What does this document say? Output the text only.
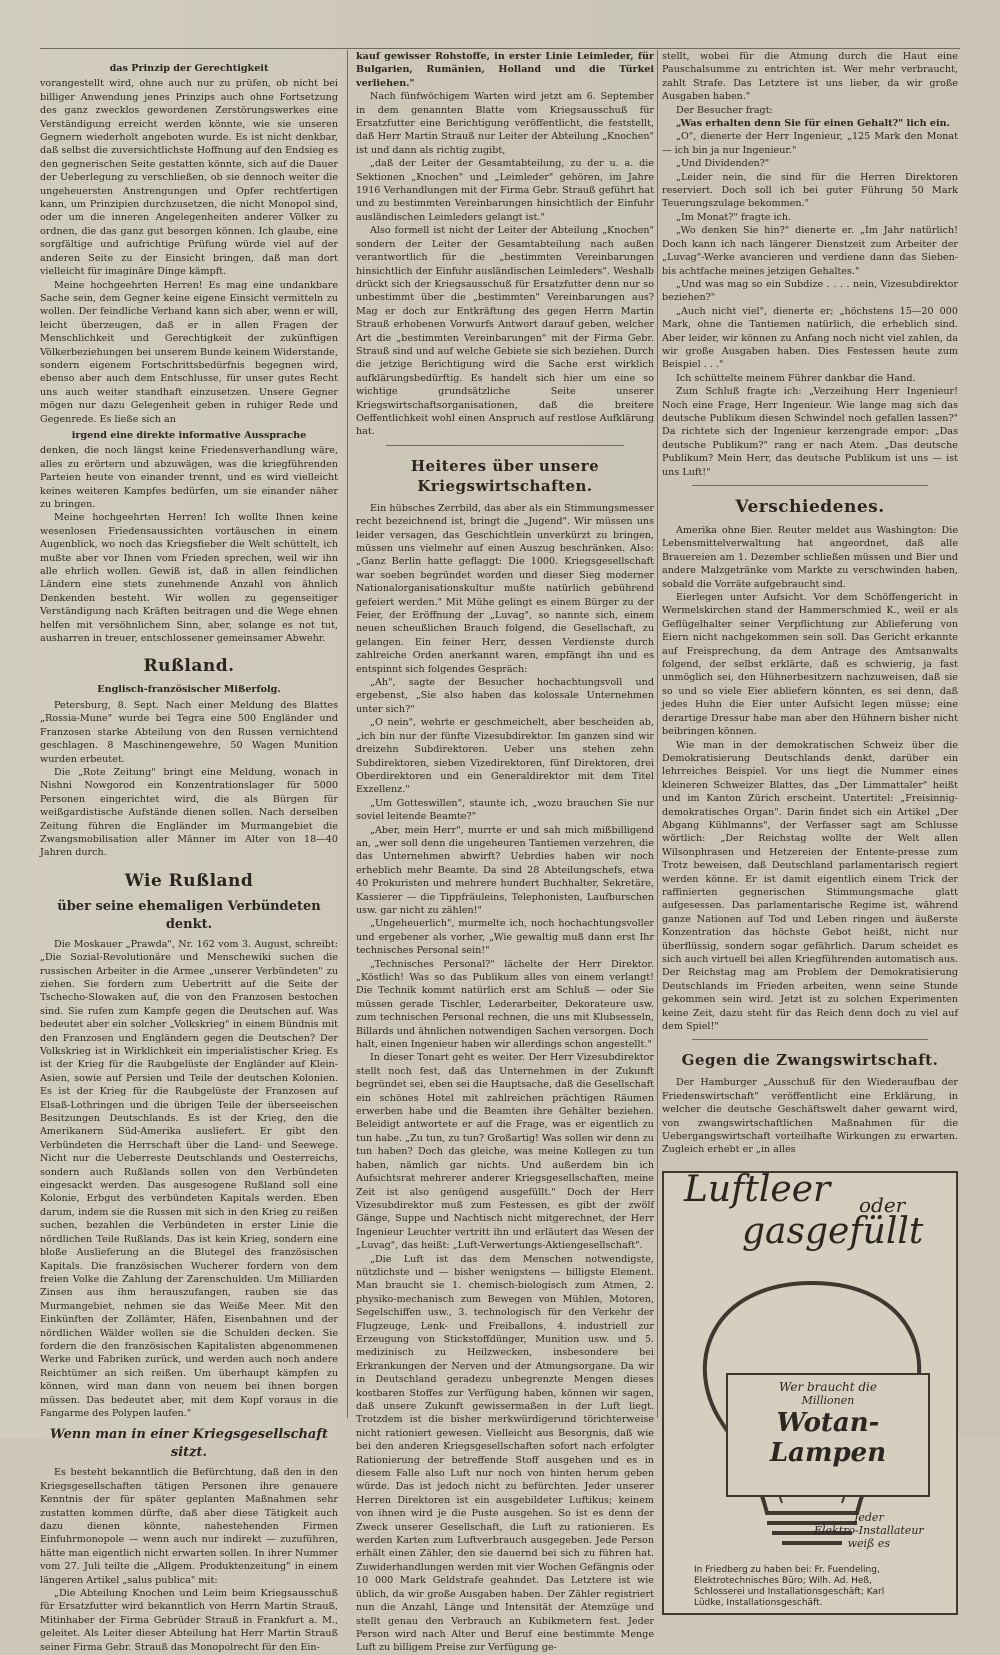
das Prinzip der Gerechtigkeit

vorangestellt wird, ohne auch nur zu prüfen, ob nicht bei billiger Anwendung jenes Prinzips auch ohne Fortsetzung des ganz zwecklos gewordenen Zerstörungswerkes eine Verständigung erreicht werden könnte, wie sie unseren Gegnern wiederholt angeboten wurde. Es ist nicht denkbar, daß selbst die zuversichtlichste Hoffnung auf den Endsieg es den gegnerischen Seite gestatten könnte, sich auf die Dauer der Ueberlegung zu verschließen, ob sie dennoch weiter die ungeheuersten Anstrengungen und Opfer rechtfertigen kann, um Prinzipien durchzusetzen, die nicht Monopol sind, oder um die inneren Angelegenheiten anderer Völker zu ordnen, die das ganz gut besorgen können. Ich glaube, eine sorgfältige und aufrichtige Prüfung würde viel auf der anderen Seite zu der Einsicht bringen, daß man dort vielleicht für imaginäre Dinge kämpft.

Meine hochgeehrten Herren! Es mag eine undankbare Sache sein, dem Gegner keine eigene Einsicht vermitteln zu wollen. Der feindliche Verband kann sich aber, wenn er will, leicht überzeugen, daß er in allen Fragen der Menschlichkeit und Gerechtigkeit der zukünftigen Völkerbeziehungen bei unserem Bunde keinem Widerstande, sondern eigenem Fortschrittsbedürfnis begegnen wird, ebenso aber auch dem Entschlusse, für unser gutes Recht uns auch weiter standhaft einzusetzen. Unsere Gegner mögen nur dazu Gelegenheit geben in ruhiger Rede und Gegenrede. Es ließe sich an

irgend eine direkte informative Aussprache

denken, die noch längst keine Friedensverhandlung wäre, alles zu erörtern und abzuwägen, was die kriegführenden Parteien heute von einander trennt, und es wird vielleicht keines weiteren Kampfes bedürfen, um sie einander näher zu bringen.

Meine hochgeehrten Herren! Ich wollte Ihnen keine wesenlosen Friedensaussichten vortäuschen in einem Augenblick, wo noch das Kriegsfieber die Welt schüttelt, ich mußte aber vor Ihnen vom Frieden sprechen, weil wir ihn alle ehrlich wollen. Gewiß ist, daß in allen feindlichen Ländern eine stets zunehmende Anzahl von ähnlich Denkenden besteht. Wir wollen zu gegenseitiger Verständigung nach Kräften beitragen und die Wege ehnen helfen mit versöhnlichem Sinn, aber, solange es not tut, ausharren in treuer, entschlossener gemeinsamer Abwehr.

Rußland.
Englisch-französischer Mißerfolg.

Petersburg, 8. Sept. Nach einer Meldung des Blattes „Rossia-Mune" wurde bei Tegra eine 500 Engländer und Franzosen starke Abteilung von den Russen vernichtend geschlagen. 8 Maschinengewehre, 50 Wagen Munition wurden erbeutet.

Die „Rote Zeitung" bringt eine Meldung, wonach in Nishni Nowgorod ein Konzentrationslager für 5000 Personen eingerichtet wird, die als Bürgen für weißgardistische Aufstände dienen sollen. Nach derselben Zeitung führen die Engländer im Murmangebiet die Zwangsmobilisation aller Männer im Alter von 18—40 Jahren durch.

Wie Rußland
über seine ehemaligen Verbündeten denkt.

Die Moskauer „Prawda", Nr. 162 vom 3. August, schreibt: „Die Sozial-Revolutionäre und Menschewiki suchen die russischen Arbeiter in die Armee „unserer Verbündeten" zu ziehen. Sie fordern zum Uebertritt auf die Seite der Tschecho-Slowaken auf, die von den Franzosen bestochen sind. Sie rufen zum Kampfe gegen die Deutschen auf. Was bedeutet aber ein solcher „Volkskrieg" in einem Bündnis mit den Franzosen und Engländern gegen die Deutschen? Der Volkskrieg ist in Wirklichkeit ein imperialistischer Krieg. Es ist der Krieg für die Raubgelüste der Engländer auf Klein-Asien, sowie auf Persien und Teile der deutschen Kolonien. Es ist der Krieg für die Raubgelüste der Franzosen auf Elsaß-Lothringen und die übrigen Teile der überseeischen Besitzungen Deutschlands. Es ist der Krieg, den die Amerikanern Süd-Amerika ausliefert. Er gibt den Verbündeten die Herrschaft über die Land- und Seewege. Nicht nur die Ueberreste Deutschlands und Oesterreichs, sondern auch Rußlands sollen von den Verbündeten eingesackt werden. Das ausgesogene Rußland soll eine Kolonie, Erbgut des verbündeten Kapitals werden. Eben darum, indem sie die Russen mit sich in den Krieg zu reißen suchen, bezahlen die Verbündeten in erster Linie die nördlichen Teile Rußlands. Das ist kein Krieg, sondern eine bloße Auslieferung an die Blutegel des französischen Kapitals. Die französischen Wucherer fordern von dem freien Volke die Zahlung der Zarenschulden. Um Milliarden Zinsen aus ihm herauszufangen, rauben sie das Murmangebiet, nehmen sie das Weiße Meer. Mit den Einkünften der Zollämter, Häfen, Eisenbahnen und der nördlichen Wälder wollen sie die Schulden decken. Sie fordern die den französischen Kapitalisten abgenommenen Werke und Fabriken zurück, und werden auch noch andere Reichtümer an sich reißen. Um überhaupt kämpfen zu können, wird man dann von neuem bei ihnen borgen müssen. Das bedeutet aber, mit dem Kopf voraus in die Fangarme des Polypen laufen."

Wenn man in einer Kriegsgesellschaft sitzt.

Es besteht bekanntlich die Befürchtung, daß den in den Kriegsgesellschaften tätigen Personen ihre genauere Kenntnis der für später geplanten Maßnahmen sehr zustatten kommen dürfte, daß aber diese Tätigkeit auch dazu dienen könnte, nahestehenden Firmen Einfuhrmonopole — wenn auch nur indirekt — zuzuführen, hätte man eigentlich nicht erwarten sollen. In ihrer Nummer vom 27. Juli teilte die „Allgem. Produktenzeitung" in einem längeren Artikel „salus publica" mit:

„Die Abteilung Knochen und Leim beim Kriegsausschuß für Ersatzfutter wird bekanntlich von Herrn Martin Strauß, Mitinhaber der Firma Gebrüder Strauß in Frankfurt a. M., geleitet. Als Leiter dieser Abteilung hat Herr Martin Strauß seiner Firma Gebr. Strauß das Monopolrecht für den Ein-

kauf gewisser Rohstoffe, in erster Linie Leimleder, für Bulgarien, Rumänien, Holland und die Türkei verliehen."

Nach fünfwöchigem Warten wird jetzt am 6. September in dem genannten Blatte vom Kriegsausschuß für Ersatzfutter eine Berichtigung veröffentlicht, die feststellt, daß Herr Martin Strauß nur Leiter der Abteilung „Knochen" ist und dann als richtig zugibt,

„daß der Leiter der Gesamtabteilung, zu der u. a. die Sektionen „Knochen" und „Leimleder" gehören, im Jahre 1916 Verhandlungen mit der Firma Gebr. Strauß geführt hat und zu bestimmten Vereinbarungen hinsichtlich der Einfuhr ausländischen Leimleders gelangt ist."

Also formell ist nicht der Leiter der Abteilung „Knochen" sondern der Leiter der Gesamtabteilung nach außen verantwortlich für die „bestimmten Vereinbarungen hinsichtlich der Einfuhr ausländischen Leimleders". Weshalb drückt sich der Kriegsausschuß für Ersatzfutter denn nur so unbestimmt über die „bestimmten" Vereinbarungen aus? Mag er doch zur Entkräftung des gegen Herrn Martin Strauß erhobenen Vorwurfs Antwort darauf geben, welcher Art die „bestimmten Vereinbarungen" mit der Firma Gebr. Strauß sind und auf welche Gebiete sie sich beziehen. Durch die jetzige Berichtigung wird die Sache erst wirklich aufklärungsbedürftig. Es handelt sich hier um eine so wichtige grundsätzliche Seite unserer Kriegswirtschaftsorganisationen, daß die breitere Oeffentlichkeit wohl einen Anspruch auf restlose Aufklärung hat.

Heiteres über unsere Kriegswirtschaften.

Ein hübsches Zerrbild, das aber als ein Stimmungsmesser recht bezeichnend ist, bringt die „Jugend". Wir müssen uns leider versagen, das Geschichtlein unverkürzt zu bringen, müssen uns vielmehr auf einen Auszug beschränken. Also: „Ganz Berlin hatte geflaggt: Die 1000. Kriegsgesellschaft war soeben begründet worden und dieser Sieg moderner Nationalorganisationskultur mußte natürlich gebührend gefeiert werden." Mit Mühe gelingt es einem Bürger zu der Feier, der Eröffnung der „Luvag", so nannte sich, einem neuen scheußlichen Brauch folgend, die Gesellschaft, zu gelangen. Ein feiner Herr, dessen Verdienste durch zahlreiche Orden anerkannt waren, empfängt ihn und es entspinnt sich folgendes Gespräch:

„Ah", sagte der Besucher hochachtungsvoll und ergebenst, „Sie also haben das kolossale Unternehmen unter sich?"

„O nein", wehrte er geschmeichelt, aber bescheiden ab, „ich bin nur der fünfte Vizesubdirektor. Im ganzen sind wir dreizehn Subdirektoren. Ueber uns stehen zehn Subdirektoren, sieben Vizedirektoren, fünf Direktoren, drei Oberdirektoren und ein Generaldirektor mit dem Titel Exzellenz."

„Um Gotteswillen", staunte ich, „wozu brauchen Sie nur soviel leitende Beamte?"

„Aber, mein Herr", murrte er und sah mich mißbilligend an, „wer soll denn die ungeheuren Tantiemen verzehren, die das Unternehmen abwirft? Uebrdies haben wir noch erheblich mehr Beamte. Da sind 28 Abteilungschefs, etwa 40 Prokuristen und mehrere hundert Buchhalter, Sekretäre, Kassierer — die Tippfräuleins, Telephonisten, Laufburschen usw. gar nicht zu zählen!"

„Ungeheuerlich", murmelte ich, noch hochachtungsvoller und ergebener als vorher, „Wie gewaltig muß dann erst Ihr technisches Personal sein!"

„Technisches Personal?" lächelte der Herr Direktor. „Köstlich! Was so das Publikum alles von einem verlangt! Die Technik kommt natürlich erst am Schluß — oder Sie müssen gerade Tischler, Lederarbeiter, Dekorateure usw. zum technischen Personal rechnen, die uns mit Klubsesseln, Billards und ähnlichen notwendigen Sachen versorgen. Doch halt, einen Ingenieur haben wir allerdings schon angestellt."

In dieser Tonart geht es weiter. Der Herr Vizesubdirektor stellt noch fest, daß das Unternehmen in der Zukunft begründet sei, eben sei die Hauptsache, daß die Gesellschaft ein schönes Hotel mit zahlreichen prächtigen Räumen erwerben habe und die Beamten ihre Gehälter beziehen. Beleidigt antwortete er auf die Frage, was er eigentlich zu tun habe. „Zu tun, zu tun? Großartig! Was sollen wir denn zu tun haben? Doch das gleiche, was meine Kollegen zu tun haben, nämlich gar nichts. Und außerdem bin ich Aufsichtsrat mehrerer anderer Kriegsgesellschaften, meine Zeit ist also genügend ausgefüllt." Doch der Herr Vizesubdirektor muß zum Festessen, es gibt der zwölf Gänge, Suppe und Nachtisch nicht mitgerechnet, der Herr Ingenieur Leuchter vertritt ihn und erläutert das Wesen der „Luvag", das heißt: „Luft-Verwertungs-Aktiengesellschaft".

„Die Luft ist das dem Menschen notwendigste, nützlichste und — bisher wenigstens — billigste Element. Man braucht sie 1. chemisch-biologisch zum Atmen, 2. physiko-mechanisch zum Bewegen von Mühlen, Motoren, Segelschiffen usw., 3. technologisch für den Verkehr der Flugzeuge, Lenk- und Freiballons, 4. industriell zur Erzeugung von Stickstoffdünger, Munition usw. und 5. medizinisch zu Heilzwecken, insbesondere bei Erkrankungen der Nerven und der Atmungsorgane. Da wir in Deutschland geradezu unbegrenzte Mengen dieses kostbaren Stoffes zur Verfügung haben, können wir sagen, daß unsere Zukunft gewissermaßen in der Luft liegt. Trotzdem ist die bisher merkwürdigerund törichterweise nicht rationiert gewesen. Vielleicht aus Besorgnis, daß wie bei den anderen Kriegsgesellschaften sofort nach erfolgter Rationierung der betreffende Stoff ausgehen und es in diesem Falle also Luft nur noch von hinten herum geben würde. Das ist jedoch nicht zu befürchten. Jeder unserer Herren Direktoren ist ein ausgebildeter Luftikus; keinem von ihnen wird je die Puste ausgehen. So ist es denn der Zweck unserer Gesellschaft, die Luft zu rationieren. Es werden Karten zum Luftverbrauch ausgegeben. Jede Person erhält einen Zähler, den sie dauernd bei sich zu führen hat. Zuwiderhandlungen werden mit vier Wochen Gefängnis oder 10 000 Mark Geldstrafe geahndet. Das Letztere ist wie üblich, da wir große Ausgaben haben. Der Zähler registriert nun die Anzahl, Länge und Intensität der Atemzüge und stellt genau den Verbrauch an Kubikmetern fest. Jeder Person wird nach Alter und Beruf eine bestimmte Menge Luft zu billigem Preise zur Verfügung ge-

stellt, wobei für die Atmung durch die Haut eine Pauschalsumme zu entrichten ist. Wer mehr verbraucht, zahlt Strafe. Das Letztere ist uns lieber, da wir große Ausgaben haben."

Der Besucher fragt:

„Was erhalten denn Sie für einen Gehalt?" lich ein.

„O", dienerte der Herr Ingenieur, „125 Mark den Monat — ich bin ja nur Ingenieur."

„Und Dividenden?"

„Leider nein, die sind für die Herren Direktoren reserviert. Doch soll ich bei guter Führung 50 Mark Teuerungszulage bekommen."

„Im Monat?" fragte ich.

„Wo denken Sie hin?" dienerte er. „Im Jahr natürlich! Doch kann ich nach längerer Dienstzeit zum Arbeiter der „Luvag"-Werke avancieren und verdiene dann das Sieben- bis achtfache meines jetzigen Gehaltes."

„Und was mag so ein Subdize . . . . nein, Vizesubdirektor beziehen?"

„Auch nicht viel", dienerte er; „höchstens 15—20 000 Mark, ohne die Tantiemen natürlich, die erheblich sind. Aber leider, wir können zu Anfang noch nicht viel zahlen, da wir große Ausgaben haben. Dies Festessen heute zum Beispiel . . ."

Ich schüttelte meinem Führer dankbar die Hand.

Zum Schluß fragte ich: „Verzeihung Herr Ingenieur! Noch eine Frage, Herr Ingenieur. Wie lange mag sich das deutsche Publikum diesen Schwindel noch gefallen lassen?" Da richtete sich der Ingenieur kerzengrade empor: „Das deutsche Publikum?" rang er nach Atem. „Das deutsche Publikum? Mein Herr, das deutsche Publikum ist uns — ist uns Luft!"

Verschiedenes.

Amerika ohne Bier. Reuter meldet aus Washington: Die Lebensmittelverwaltung hat angeordnet, daß alle Brauereien am 1. Dezember schließen müssen und Bier und andere Malzgetränke vom Markte zu verschwinden haben, sobald die Vorräte aufgebraucht sind.

Eierlegen unter Aufsicht. Vor dem Schöffengericht in Wermelskirchen stand der Hammerschmied K., weil er als Geflügelhalter seiner Verpflichtung zur Ablieferung von Eiern nicht nachgekommen sein soll. Das Gericht erkannte auf Freisprechung, da dem Antrage des Amtsanwalts folgend, der selbst erklärte, daß es schwierig, ja fast unmöglich sei, den Hühnerbesitzern nachzuweisen, daß sie so und so viele Eier abliefern könnten, es sei denn, daß jedes Huhn die Eier unter Aufsicht legen müsse; eine derartige Dressur habe man aber den Hühnern bisher nicht beibringen können.

Wie man in der demokratischen Schweiz über die Demokratisierung Deutschlands denkt, darüber ein lehrreiches Beispiel. Vor uns liegt die Nummer eines kleineren Schweizer Blattes, das „Der Limmattaler" heißt und im Kanton Zürich erscheint. Untertitel: „Freisinnig-demokratisches Organ". Darin findet sich ein Artikel „Der Abgang Kühlmanns", der Verfasser sagt am Schlusse wörtlich: „Der Reichstag wollte der Welt allen Wilsonphrasen und Hetzereien der Entente-presse zum Trotz beweisen, daß Deutschland parlamentarisch regiert werden könne. Er ist damit eigentlich einem Trick der raffinierten gegnerischen Stimmungsmache glatt aufgesessen. Das parlamentarische Regime ist, während ganze Nationen auf Tod und Leben ringen und äußerste Konzentration das höchste Gebot heißt, nicht nur überflüssig, sondern sogar gefährlich. Darum scheidet es sich auch virtuell bei allen Kriegführenden automatisch aus. Der Reichstag mag am Problem der Demokratisierung Deutschlands im Frieden arbeiten, wenn seine Stunde gekommen sein wird. Jetzt ist zu solchen Experimenten keine Zeit, dazu steht für das Reich denn doch zu viel auf dem Spiel!"

Gegen die Zwangswirtschaft.

Der Hamburger „Ausschuß für den Wiederaufbau der Friedenswirtschaft" veröffentlicht eine Erklärung, in welcher die deutsche Geschäftswelt daher gewarnt wird, von zwangswirtschaftlichen Maßnahmen für die Uebergangswirtschaft vorteilhafte Wirkungen zu erwarten. Zugleich erhebt er „in alles

Luftleer oder
gasgefüllt
Wer braucht die
Millionen
Wotan-
Lampen
Jeder
Elektro-Installateur
weiß es
In Friedberg zu haben bei: Fr. Fuendeling,
Elektrotechnisches Büro; Wilh. Ad. Heß,
Schlosserei und Installationsgeschäft; Karl
Lüdke, Installationsgeschäft.
